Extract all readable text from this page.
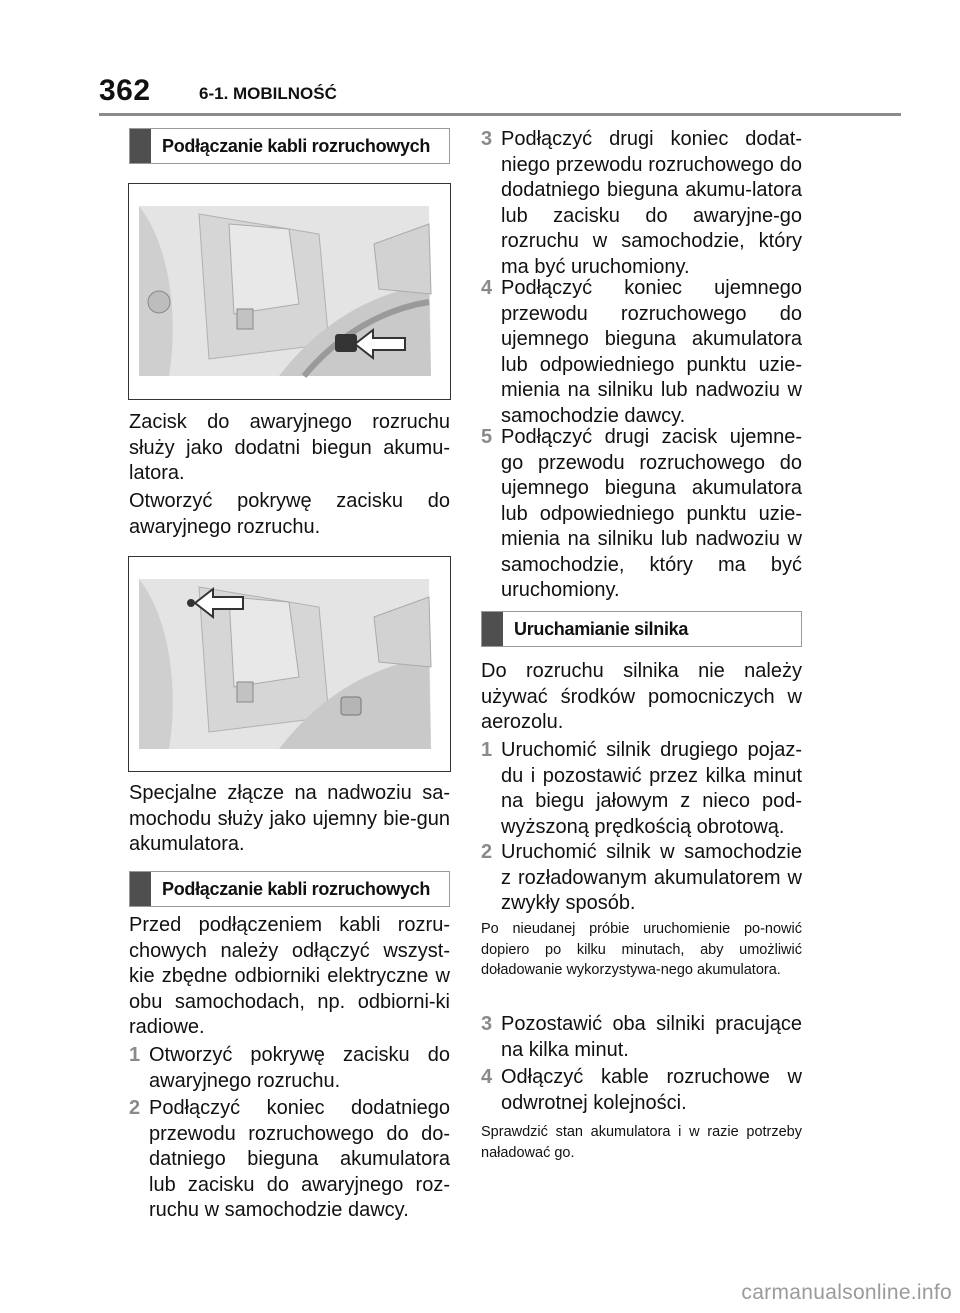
362	6-1. MOBILNOŚĆ
Podłączanie kabli rozruchowych

Zacisk do awaryjnego rozruchu służy jako dodatni biegun akumu-latora.

Otworzyć pokrywę zacisku do awaryjnego rozruchu.

Specjalne złącze na nadwoziu sa-mochodu służy jako ujemny bie-gun akumulatora.

Podłączanie kabli rozruchowych

Przed podłączeniem kabli rozru-chowych należy odłączyć wszyst-kie zbędne odbiorniki elektryczne w obu samochodach, np. odbiorni-ki radiowe.

1 Otworzyć pokrywę zacisku do awaryjnego rozruchu.
2 Podłączyć koniec dodatniego przewodu rozruchowego do do-datniego bieguna akumulatora lub zacisku do awaryjnego roz-ruchu w samochodzie dawcy.
3 Podłączyć drugi koniec dodat-niego przewodu rozruchowego do dodatniego bieguna akumu-latora lub zacisku do awaryjne-go rozruchu w samochodzie, który ma być uruchomiony.
4 Podłączyć koniec ujemnego przewodu rozruchowego do ujemnego bieguna akumulatora lub odpowiedniego punktu uzie-mienia na silniku lub nadwoziu w samochodzie dawcy.
5 Podłączyć drugi zacisk ujemne-go przewodu rozruchowego do ujemnego bieguna akumulatora lub odpowiedniego punktu uzie-mienia na silniku lub nadwoziu w samochodzie, który ma być uruchomiony.
Uruchamianie silnika

Do rozruchu silnika nie należy używać środków pomocniczych w aerozolu.

1 Uruchomić silnik drugiego pojaz-du i pozostawić przez kilka minut na biegu jałowym z nieco pod-wyższoną prędkością obrotową.
2 Uruchomić silnik w samochodzie z rozładowanym akumulatorem w zwykły sposób.

Po nieudanej próbie uruchomienie po-nowić dopiero po kilku minutach, aby umożliwić doładowanie wykorzystywa-nego akumulatora.

3 Pozostawić oba silniki pracujące na kilka minut.
4 Odłączyć kable rozruchowe w odwrotnej kolejności.

Sprawdzić stan akumulatora i w razie potrzeby naładować go.

carmanualsonline.info
